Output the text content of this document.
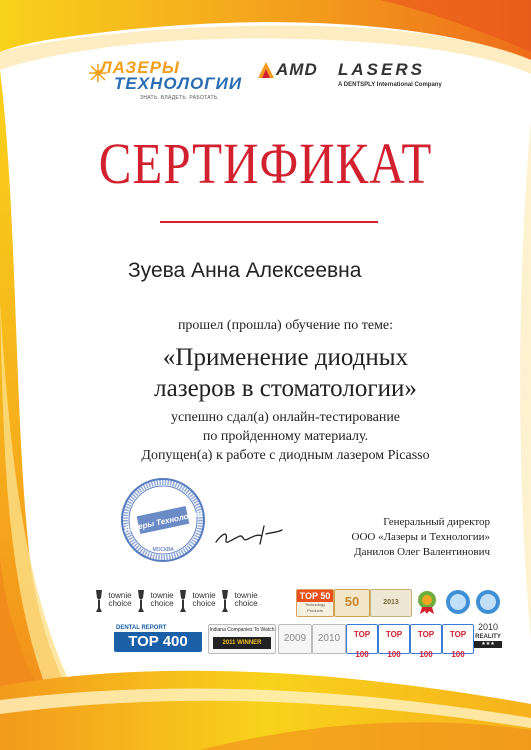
ЛАЗЕРЫ
ТЕХНОЛОГИИ
ЗНАТЬ. ВЛАДЕТЬ. РАБОТАТЬ.
AMD LASERS
A DENTSPLY International Company
СЕРТИФИКАТ
Зуева Анна Алексеевна
прошел (прошла) обучение по теме:
«Применение диодных
лазеров в стоматологии»
успешно сдал(а) онлайн-тестирование
по пройденному материалу.
Допущен(а) к работе с диодным лазером Picasso
Лазеры Технологии
МОСКВА
Генеральный директор
ООО «Лазеры и Технологии»
Данилов Олег Валентинович
townie choice
townie choice
townie choice
townie choice
TOP 50
Technology Products
50	2013
DENTAL REPORT
TOP 400
Indiana Companies To Watch
2011 WINNER	2009	2010	TOP 100
TOP 100
TOP 100
TOP 100
2010
REALITY
★★★
